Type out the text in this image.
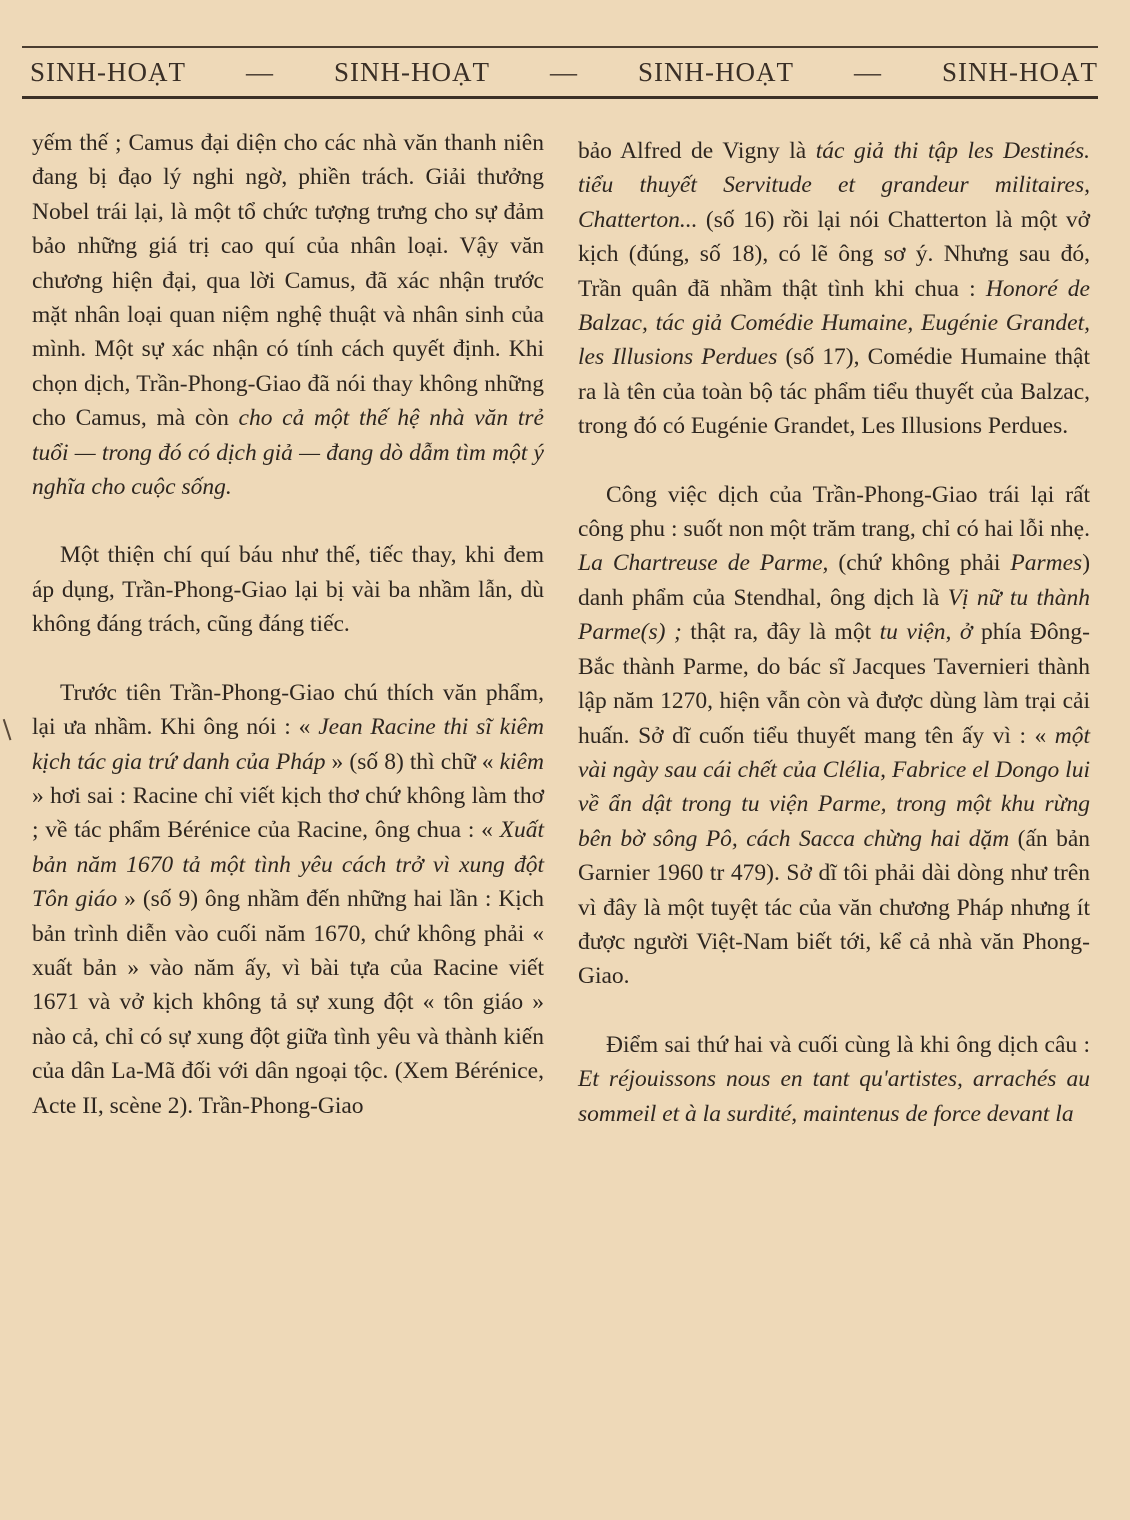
SINH-HOẠT — SINH-HOẠT — SINH-HOẠT — SINH-HOẠT

yếm thế ; Camus đại diện cho các nhà văn thanh niên đang bị đạo lý nghi ngờ, phiền trách. Giải thưởng Nobel trái lại, là một tổ chức tượng trưng cho sự đảm bảo những giá trị cao quí của nhân loại. Vậy văn chương hiện đại, qua lời Camus, đã xác nhận trước mặt nhân loại quan niệm nghệ thuật và nhân sinh của mình. Một sự xác nhận có tính cách quyết định. Khi chọn dịch, Trần-Phong-Giao đã nói thay không những cho Camus, mà còn cho cả một thế hệ nhà văn trẻ tuổi — trong đó có dịch giả — đang dò dẫm tìm một ý nghĩa cho cuộc sống.

Một thiện chí quí báu như thế, tiếc thay, khi đem áp dụng, Trần-Phong-Giao lại bị vài ba nhầm lẫn, dù không đáng trách, cũng đáng tiếc.

Trước tiên Trần-Phong-Giao chú thích văn phẩm, lại ưa nhầm. Khi ông nói : « Jean Racine thi sĩ kiêm kịch tác gia trứ danh của Pháp » (số 8) thì chữ « kiêm » hơi sai : Racine chỉ viết kịch thơ chứ không làm thơ ; về tác phẩm Bérénice của Racine, ông chua : « Xuất bản năm 1670 tả một tình yêu cách trở vì xung đột Tôn giáo » (số 9) ông nhầm đến những hai lần : Kịch bản trình diễn vào cuối năm 1670, chứ không phải « xuất bản » vào năm ấy, vì bài tựa của Racine viết 1671 và vở kịch không tả sự xung đột « tôn giáo » nào cả, chỉ có sự xung đột giữa tình yêu và thành kiến của dân La-Mã đối với dân ngoại tộc. (Xem Bérénice, Acte II, scène 2). Trần-Phong-Giao

bảo Alfred de Vigny là tác giả thi tập les Destinés. tiểu thuyết Servitude et grandeur militaires, Chatterton... (số 16) rồi lại nói Chatterton là một vở kịch (đúng, số 18), có lẽ ông sơ ý. Nhưng sau đó, Trần quân đã nhầm thật tình khi chua : Honoré de Balzac, tác giả Comédie Humaine, Eugénie Grandet, les Illusions Perdues (số 17), Comédie Humaine thật ra là tên của toàn bộ tác phẩm tiểu thuyết của Balzac, trong đó có Eugénie Grandet, Les Illusions Perdues.

Công việc dịch của Trần-Phong-Giao trái lại rất công phu : suốt non một trăm trang, chỉ có hai lỗi nhẹ. La Chartreuse de Parme, (chứ không phải Parmes) danh phẩm của Stendhal, ông dịch là Vị nữ tu thành Parme(s) ; thật ra, đây là một tu viện, ở phía Đông-Bắc thành Parme, do bác sĩ Jacques Tavernieri thành lập năm 1270, hiện vẫn còn và được dùng làm trại cải huấn. Sở dĩ cuốn tiểu thuyết mang tên ấy vì : « một vài ngày sau cái chết của Clélia, Fabrice el Dongo lui về ẩn dật trong tu viện Parme, trong một khu rừng bên bờ sông Pô, cách Sacca chừng hai dặm (ấn bản Garnier 1960 tr 479). Sở dĩ tôi phải dài dòng như trên vì đây là một tuyệt tác của văn chương Pháp nhưng ít được người Việt-Nam biết tới, kể cả nhà văn Phong-Giao.

Điểm sai thứ hai và cuối cùng là khi ông dịch câu : Et réjouissons nous en tant qu'artistes, arrachés au sommeil et à la surdité, maintenus de force devant la
